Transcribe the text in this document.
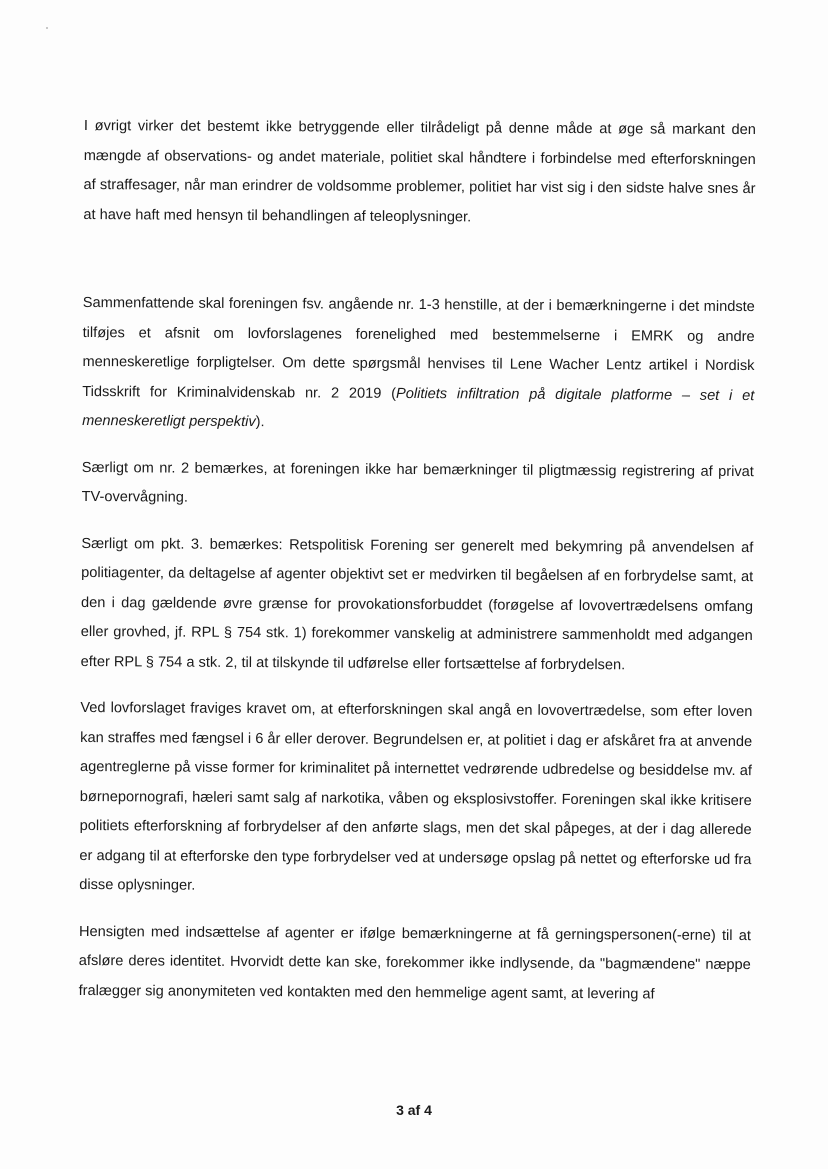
I øvrigt virker det bestemt ikke betryggende eller tilrådeligt på denne måde at øge så markant den mængde af observations- og andet materiale, politiet skal håndtere i forbindelse med efterforskningen af straffesager, når man erindrer de voldsomme problemer, politiet har vist sig i den sidste halve snes år at have haft med hensyn til behandlingen af teleoplysninger.

Sammenfattende skal foreningen fsv. angående nr. 1-3 henstille, at der i bemærkningerne i det mindste tilføjes et afsnit om lovforslagenes forenelighed med bestemmelserne i EMRK og andre menneskeretlige forpligtelser. Om dette spørgsmål henvises til Lene Wacher Lentz artikel i Nordisk Tidsskrift for Kriminalvidenskab nr. 2 2019 (Politiets infiltration på digitale platforme – set i et menneskeretligt perspektiv).

Særligt om nr. 2 bemærkes, at foreningen ikke har bemærkninger til pligtmæssig registrering af privat TV-overvågning.

Særligt om pkt. 3. bemærkes: Retspolitisk Forening ser generelt med bekymring på anvendelsen af politiagenter, da deltagelse af agenter objektivt set er medvirken til begåelsen af en forbrydelse samt, at den i dag gældende øvre grænse for provokationsforbuddet (forøgelse af lovovertrædelsens omfang eller grovhed, jf. RPL § 754 stk. 1) forekommer vanskelig at administrere sammenholdt med adgangen efter RPL § 754 a stk. 2, til at tilskynde til udførelse eller fortsættelse af forbrydelsen.

Ved lovforslaget fraviges kravet om, at efterforskningen skal angå en lovovertrædelse, som efter loven kan straffes med fængsel i 6 år eller derover. Begrundelsen er, at politiet i dag er afskåret fra at anvende agentreglerne på visse former for kriminalitet på internettet vedrørende udbredelse og besiddelse mv. af børnepornografi, hæleri samt salg af narkotika, våben og eksplosivstoffer. Foreningen skal ikke kritisere politiets efterforskning af forbrydelser af den anførte slags, men det skal påpeges, at der i dag allerede er adgang til at efterforske den type forbrydelser ved at undersøge opslag på nettet og efterforske ud fra disse oplysninger.

Hensigten med indsættelse af agenter er ifølge bemærkningerne at få gerningspersonen(-erne) til at afsløre deres identitet. Hvorvidt dette kan ske, forekommer ikke indlysende, da "bagmændene" næppe fralægger sig anonymiteten ved kontakten med den hemmelige agent samt, at levering af

3 af 4
